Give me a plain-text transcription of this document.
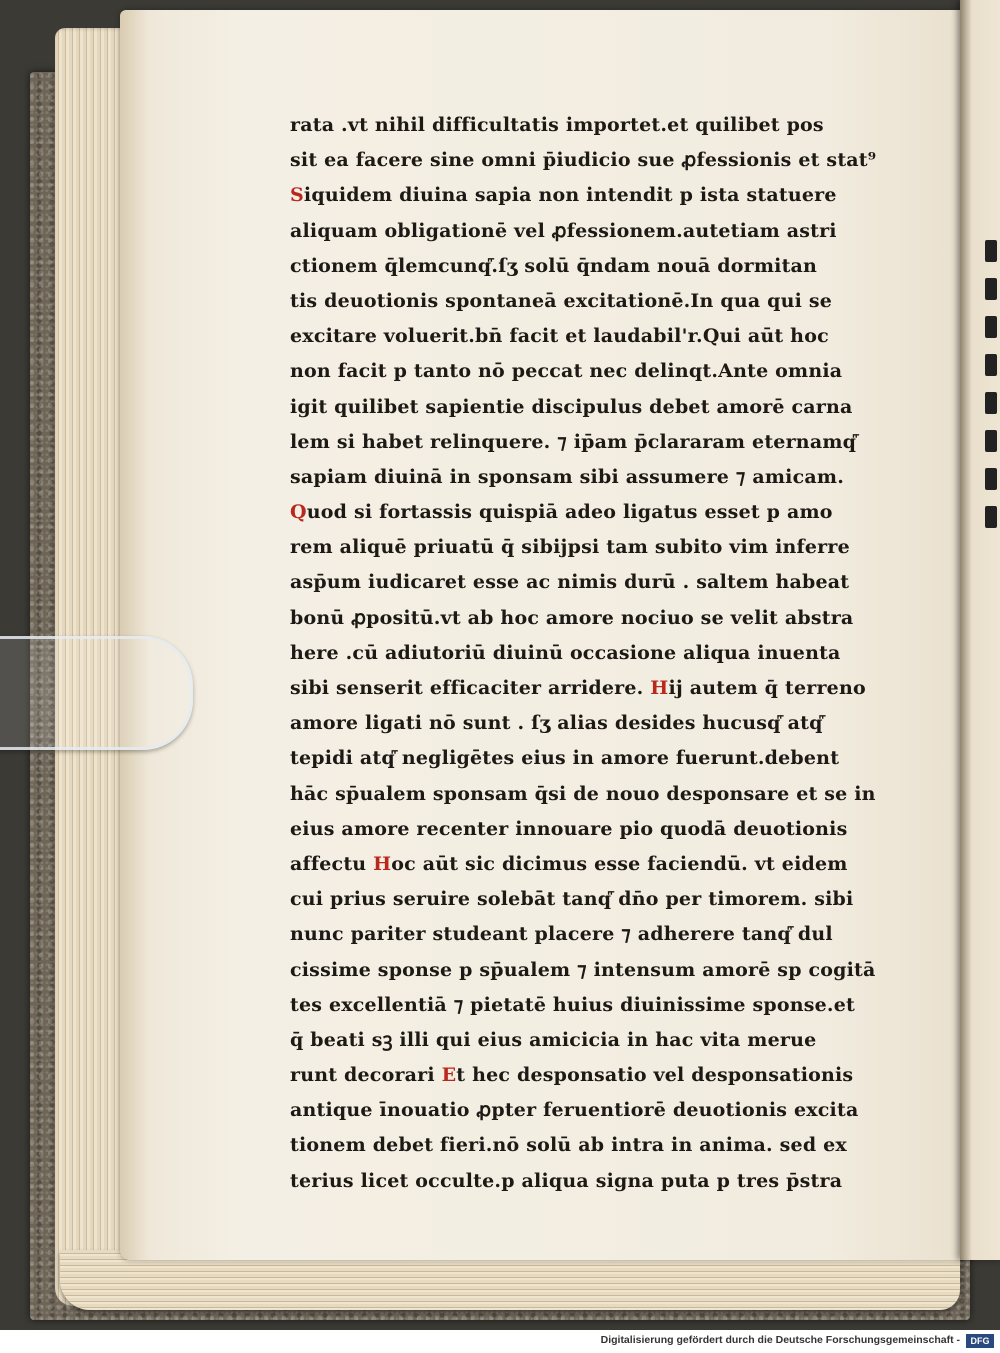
rata .vt nihil difficultatis importet.et quilibet pos
sit ea facere sine omni p̄iudicio sue ꝓfessionis et stat⁹
Siquidem diuina sapia non intendit p ista statuere
aliquam obligationē vel ꝓfessionem.autetiam astri
ctionem q̄lemcunq꜠.ſʒ solū q̄ndam nouā dormitan
tis deuotionis spontaneā excitationē.In qua qui se
excitare voluerit.bn̄ facit et laudabil'r.Qui aūt hoc
non facit p tanto nō peccat nec delinqt.Ante omnia
igit quilibet sapientie discipulus debet amorē carna
lem si habet relinquere. ⁊ ip̄am p̄clararam eternamq꜠
sapiam diuinā in sponsam sibi assumere ⁊ amicam.
Quod si fortassis quispiā adeo ligatus esset p amo
rem aliquē priuatū q̄ sibijpsi tam subito vim inferre
asp̄um iudicaret esse ac nimis durū . saltem habeat
bonū ꝓpositū.vt ab hoc amore nociuo se velit abstra
here .cū adiutoriū diuinū occasione aliqua inuenta
sibi senserit efficaciter arridere. Hij autem q̄ terreno
amore ligati nō sunt . ſʒ alias desides hucusq꜠ atq꜠
tepidi atq꜠ negligētes eius in amore fuerunt.debent
hāc sp̄ualem sponsam q̄si de nouo desponsare et se in
eius amore recenter innouare pio quodā deuotionis
affectu Hoc aūt sic dicimus esse faciendū. vt eidem
cui prius seruire solebāt tanq꜠ dn̄o per timorem. sibi
nunc pariter studeant placere ⁊ adherere tanq꜠ dul
cissime sponse p sp̄ualem ⁊ intensum amorē sp cogitā
tes excellentiā ⁊ pietatē huius diuinissime sponse.et
q̄ beati sꝫ illi qui eius amicicia in hac vita merue
runt decorari Et hec desponsatio vel desponsationis
antique īnouatio ꝓpter feruentiorē deuotionis excita
tionem debet fieri.nō solū ab intra in anima. sed ex
terius licet occulte.p aliqua signa puta p tres p̄stra
Digitalisierung gefördert durch die Deutsche Forschungsgemeinschaft -	DFG
